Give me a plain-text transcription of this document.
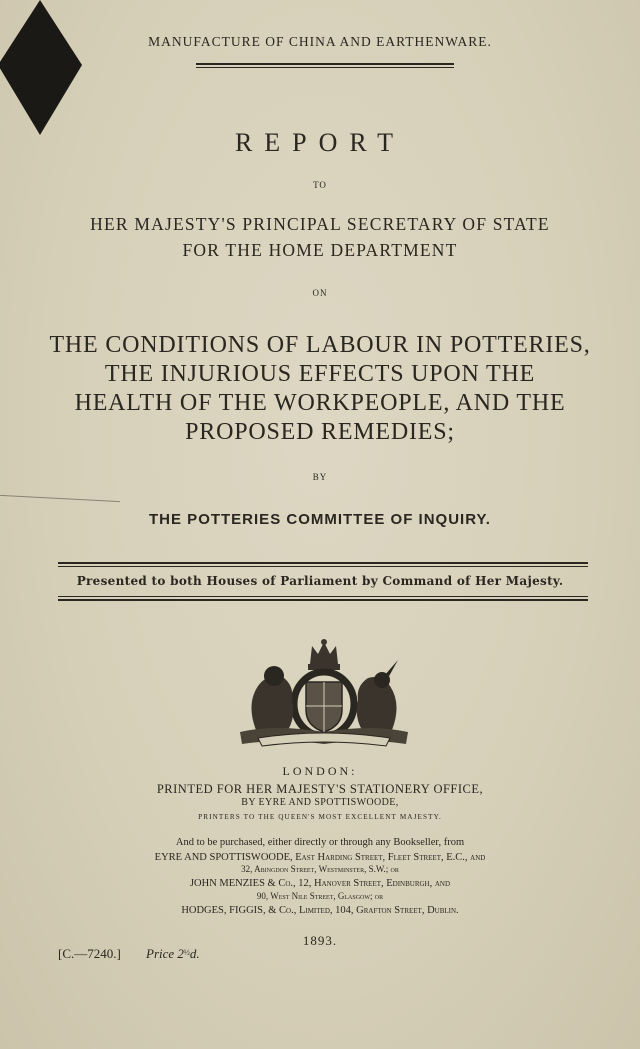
MANUFACTURE OF CHINA AND EARTHENWARE.
REPORT
TO
HER MAJESTY'S PRINCIPAL SECRETARY OF STATE
FOR THE HOME DEPARTMENT
ON
THE CONDITIONS OF LABOUR IN POTTERIES,
THE INJURIOUS EFFECTS UPON THE
HEALTH OF THE WORKPEOPLE, AND THE
PROPOSED REMEDIES;
BY
THE POTTERIES COMMITTEE OF INQUIRY.
Presented to both Houses of Parliament by Command of Her Majesty.
LONDON:
PRINTED FOR HER MAJESTY'S STATIONERY OFFICE,
BY EYRE AND SPOTTISWOODE,
PRINTERS TO THE QUEEN'S MOST EXCELLENT MAJESTY.
And to be purchased, either directly or through any Bookseller, from
EYRE AND SPOTTISWOODE, East Harding Street, Fleet Street, E.C., and
32, Abingdon Street, Westminster, S.W.; or
JOHN MENZIES & Co., 12, Hanover Street, Edinburgh, and
90, West Nile Street, Glasgow; or
HODGES, FIGGIS, & Co., Limited, 104, Grafton Street, Dublin.
1893.
[C.—7240.] Price $2^{\frac{1}{2}}d$.
